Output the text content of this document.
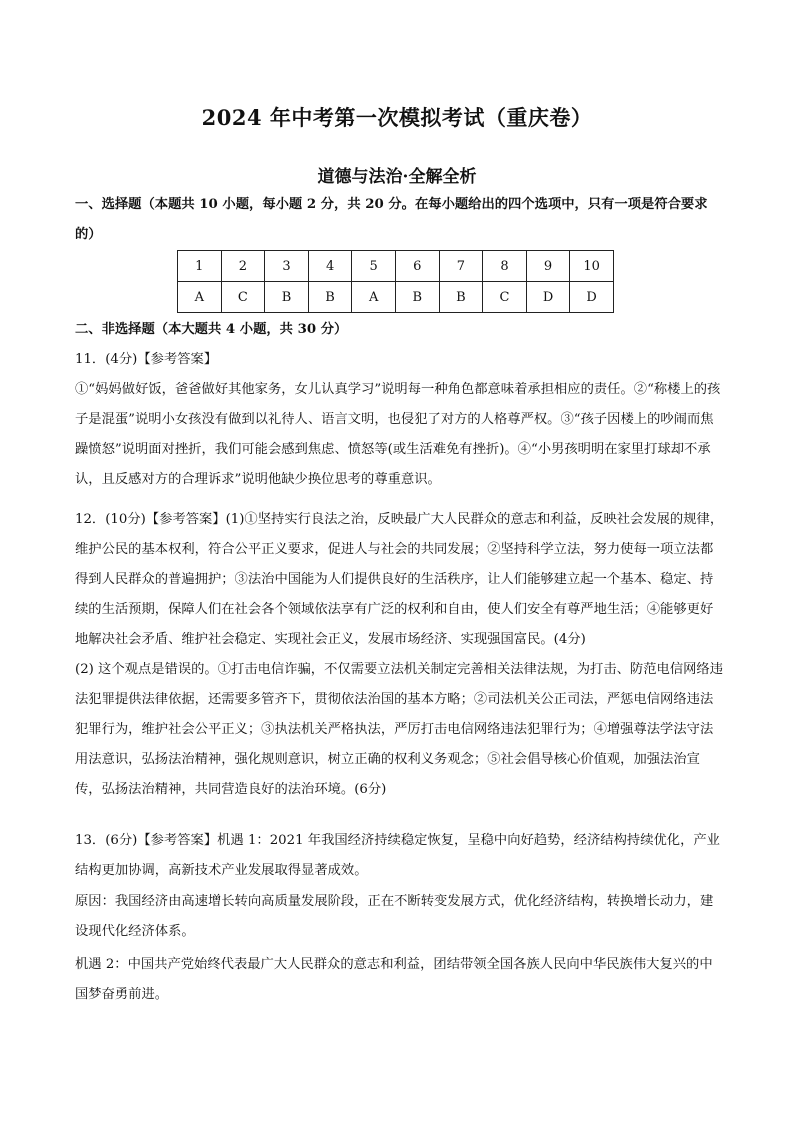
2024 年中考第一次模拟考试（重庆卷）
道德与法治·全解全析
一、选择题（本题共 10 小题，每小题 2 分，共 20 分。在每小题给出的四个选项中，只有一项是符合要求的）
1	2	3	4	5	6	7	8	9	10
A	C	B	B	A	B	B	C	D	D
二、非选择题（本大题共 4 小题，共 30 分）
11．(4分)【参考答案】
①“妈妈做好饭，爸爸做好其他家务，女儿认真学习”说明每一种角色都意味着承担相应的责任。②“称楼上的孩子是混蛋”说明小女孩没有做到以礼待人、语言文明，也侵犯了对方的人格尊严权。③“孩子因楼上的吵闹而焦躁愤怒”说明面对挫折，我们可能会感到焦虑、愤怒等(或生活难免有挫折)。④“小男孩明明在家里打球却不承认，且反感对方的合理诉求”说明他缺少换位思考的尊重意识。
12．(10分)【参考答案】(1)①坚持实行良法之治，反映最广大人民群众的意志和利益，反映社会发展的规律，维护公民的基本权利，符合公平正义要求，促进人与社会的共同发展；②坚持科学立法，努力使每一项立法都得到人民群众的普遍拥护；③法治中国能为人们提供良好的生活秩序，让人们能够建立起一个基本、稳定、持续的生活预期，保障人们在社会各个领域依法享有广泛的权利和自由，使人们安全有尊严地生活；④能够更好地解决社会矛盾、维护社会稳定、实现社会正义，发展市场经济、实现强国富民。(4分)
(2) 这个观点是错误的。①打击电信诈骗，不仅需要立法机关制定完善相关法律法规，为打击、防范电信网络违法犯罪提供法律依据，还需要多管齐下，贯彻依法治国的基本方略；②司法机关公正司法，严惩电信网络违法犯罪行为，维护社会公平正义；③执法机关严格执法，严厉打击电信网络违法犯罪行为；④增强尊法学法守法用法意识，弘扬法治精神，强化规则意识，树立正确的权利义务观念；⑤社会倡导核心价值观，加强法治宣传，弘扬法治精神，共同营造良好的法治环境。(6分)
13．(6分)【参考答案】机遇 1：2021 年我国经济持续稳定恢复，呈稳中向好趋势，经济结构持续优化，产业结构更加协调，高新技术产业发展取得显著成效。
原因：我国经济由高速增长转向高质量发展阶段，正在不断转变发展方式，优化经济结构，转换增长动力，建设现代化经济体系。
机遇 2：中国共产党始终代表最广大人民群众的意志和利益，团结带领全国各族人民向中华民族伟大复兴的中国梦奋勇前进。
